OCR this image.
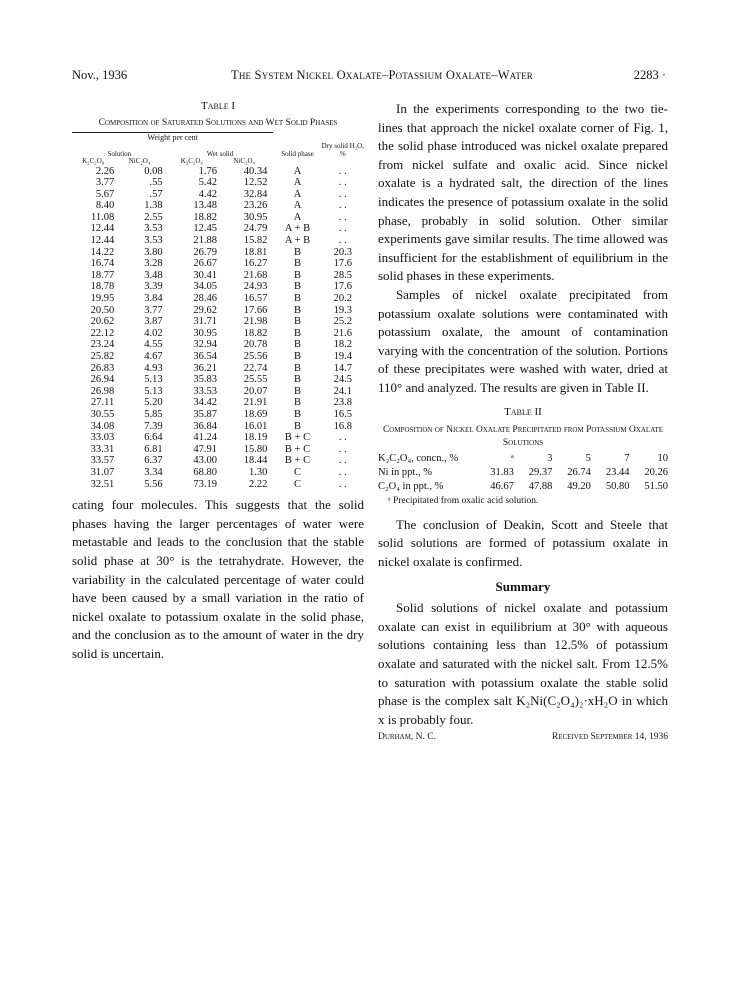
Nov., 1936	The System Nickel Oxalate–Potassium Oxalate–Water	2283 ·
Table I
Composition of Saturated Solutions and Wet Solid Phases
Weight per cent					
Solution		Wet solid		Solid phase	Dry solid H₂O, %
K₂C₂O₄	NiC₂O₄	K₂C₂O₄	NiC₂O₄		
2.26	0.08	1.76	40.34	A	. .
3.77	.55	5.42	12.52	A	. .
5.67	.57	4.42	32.84	A	. .
8.40	1.38	13.48	23.26	A	. .
11.08	2.55	18.82	30.95	A	. .
12.44	3.53	12.45	24.79	A + B	. .
12.44	3.53	21.88	15.82	A + B	. .
14.22	3.80	26.79	18.81	B	20.3
16.74	3.28	26.67	16.27	B	17.6
18.77	3.48	30.41	21.68	B	28.5
18.78	3.39	34.05	24.93	B	17.6
19.95	3.84	28.46	16.57	B	20.2
20.50	3.77	29.62	17.66	B	19.3
20.62	3.87	31.71	21.98	B	25.2
22.12	4.02	30.95	18.82	B	21.6
23.24	4.55	32.94	20.78	B	18.2
25.82	4.67	36.54	25.56	B	19.4
26.83	4.93	36.21	22.74	B	14.7
26.94	5.13	35.83	25.55	B	24.5
26.98	5.13	33.53	20.07	B	24.1
27.11	5.20	34.42	21.91	B	23.8
30.55	5.85	35.87	18.69	B	16.5
34.08	7.39	36.84	16.01	B	16.8
33.03	6.64	41.24	18.19	B + C	. .
33.31	6.81	47.91	15.80	B + C	. .
33.57	6.37	43.00	18.44	B + C	. .
31.07	3.34	68.80	1.30	C	. .
32.51	5.56	73.19	2.22	C	. .

cating four molecules. This suggests that the solid phases having the larger percentages of water were metastable and leads to the conclusion that the stable solid phase at 30° is the tetrahydrate. However, the variability in the calculated percentage of water could have been caused by a small variation in the ratio of nickel oxalate to potassium oxalate in the solid phase, and the conclusion as to the amount of water in the dry solid is uncertain.

In the experiments corresponding to the two tie-lines that approach the nickel oxalate corner of Fig. 1, the solid phase introduced was nickel oxalate prepared from nickel sulfate and oxalic acid. Since nickel oxalate is a hydrated salt, the direction of the lines indicates the presence of potassium oxalate in the solid phase, probably in solid solution. Other similar experiments gave similar results. The time allowed was insufficient for the establishment of equilibrium in the solid phases in these experiments.

Samples of nickel oxalate precipitated from potassium oxalate solutions were contaminated with potassium oxalate, the amount of contamination varying with the concentration of the solution. Portions of these precipitates were washed with water, dried at 110° and analyzed. The results are given in Table II.

Table II
Composition of Nickel Oxalate Precipitated from Potassium Oxalate Solutions
K₂C₂O₄, concn., %	ᵃ	3	5	7	10
Ni in ppt., %	31.83	29.37	26.74	23.44	20.26
C₂O₄ in ppt., %	46.67	47.88	49.20	50.80	51.50
ᵃ Precipitated from oxalic acid solution.

The conclusion of Deakin, Scott and Steele that solid solutions are formed of potassium oxalate in nickel oxalate is confirmed.

Summary

Solid solutions of nickel oxalate and potassium oxalate can exist in equilibrium at 30° with aqueous solutions containing less than 12.5% of potassium oxalate and saturated with the nickel salt. From 12.5% to saturation with potassium oxalate the stable solid phase is the complex salt K₂Ni(C₂O₄)₂·xH₂O in which x is probably four.

Durham, N. C.	Received September 14, 1936
